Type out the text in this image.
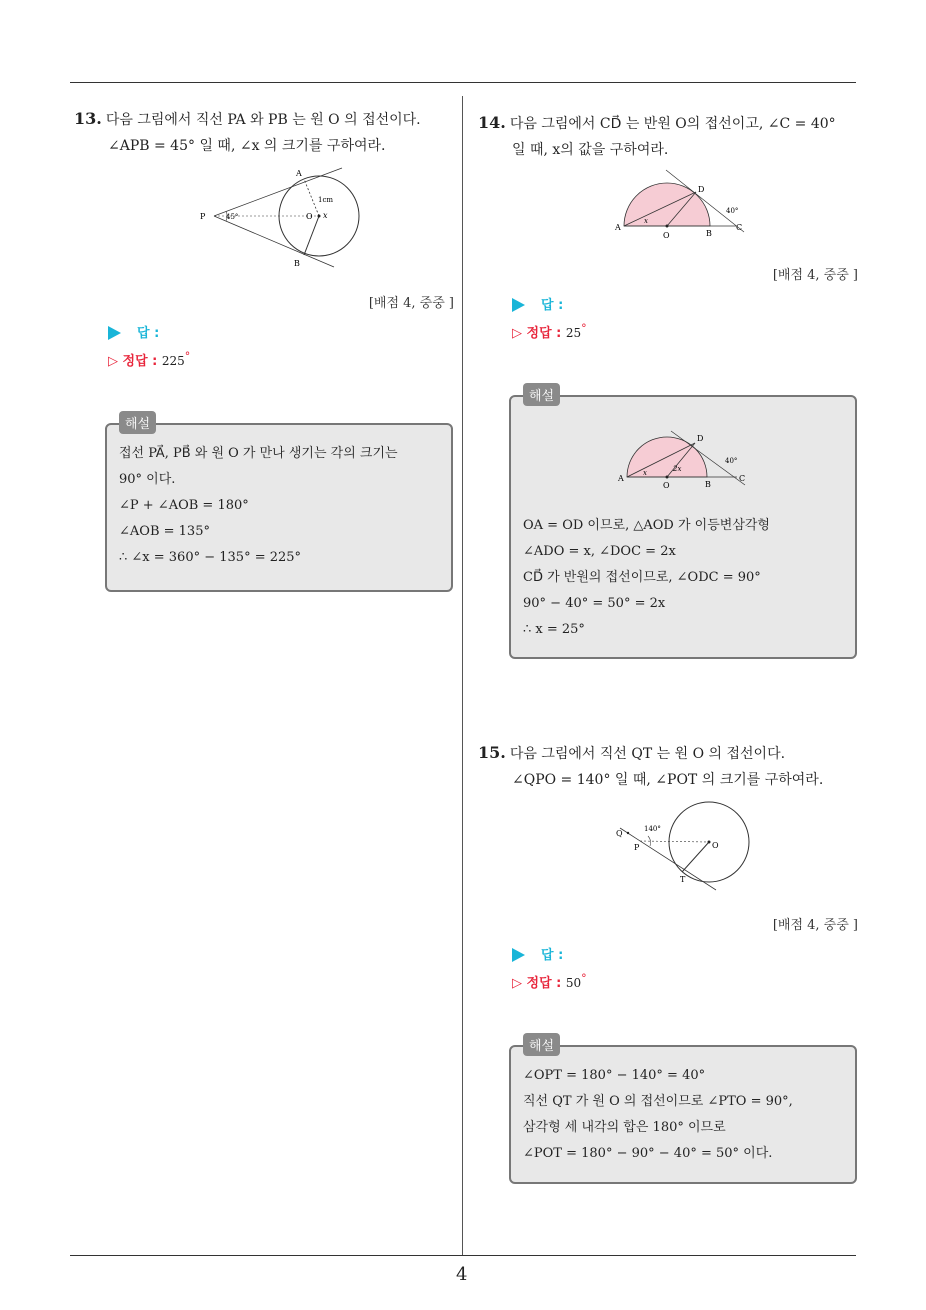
13. 다음 그림에서 직선 PA 와 PB 는 원 O 의 접선이다.
∠APB = 45° 일 때, ∠x 의 크기를 구하여라.
A
B
P	O
45°
1cm
x
[배점 4, 중중 ]
답 :
▷ 정답 : 225°
해설
접선 PA⃗, PB⃗ 와 원 O 가 만나 생기는 각의 크기는
90° 이다.
∠P + ∠AOB = 180°
∠AOB = 135°
∴ ∠x = 360° − 135° = 225°
14. 다음 그림에서 CD⃗ 는 반원 O의 접선이고, ∠C = 40°
일 때, x의 값을 구하여라.
A
O	B
C
D
40°
x
[배점 4, 중중 ]
답 :
▷ 정답 : 25°
해설
A
O	B
C
D
40°
x	2x
OA = OD 이므로, △AOD 가 이등변삼각형
∠ADO = x, ∠DOC = 2x
CD⃗ 가 반원의 접선이므로, ∠ODC = 90°
90° − 40° = 50° = 2x
∴ x = 25°
15. 다음 그림에서 직선 QT 는 원 O 의 접선이다.
∠QPO = 140° 일 때, ∠POT 의 크기를 구하여라.
Q
P	O
T
140°
[배점 4, 중중 ]
답 :
▷ 정답 : 50°
해설
∠OPT = 180° − 140° = 40°
직선 QT 가 원 O 의 접선이므로 ∠PTO = 90°,
삼각형 세 내각의 합은 180° 이므로
∠POT = 180° − 90° − 40° = 50° 이다.
4
